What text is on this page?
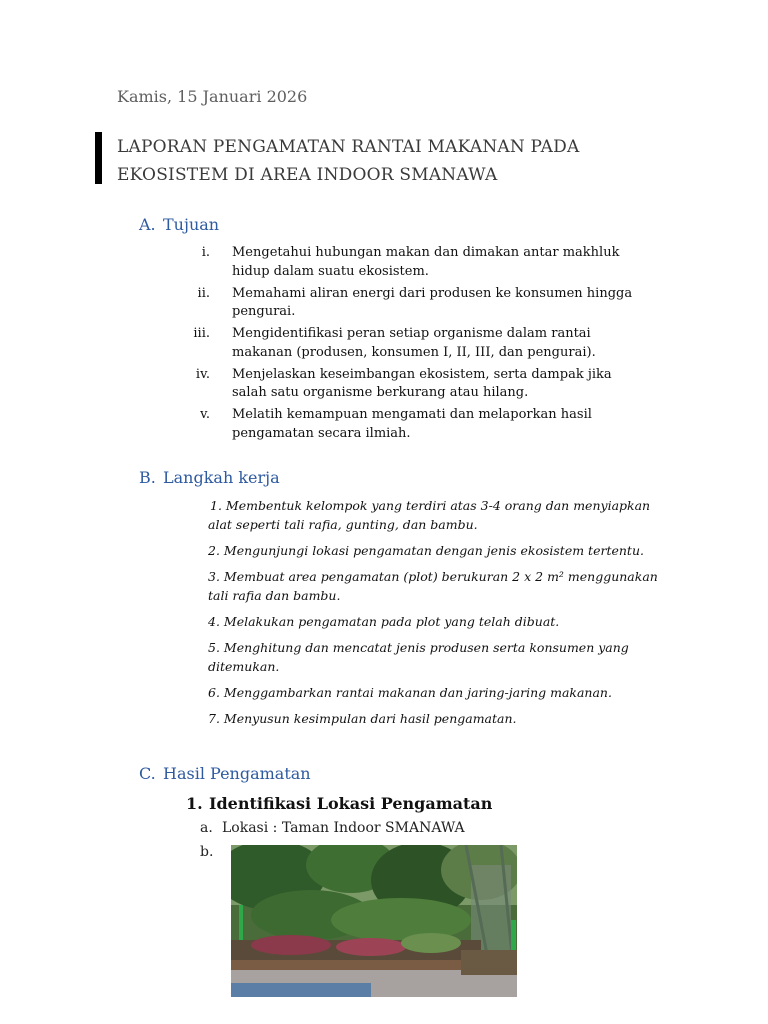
Kamis, 15 Januari 2026
LAPORAN PENGAMATAN RANTAI MAKANAN PADA
EKOSISTEM DI AREA INDOOR SMANAWA
A. Tujuan
i.	Mengetahui hubungan makan dan dimakan antar makhluk hidup dalam suatu ekosistem.
ii.	Memahami aliran energi dari produsen ke konsumen hingga pengurai.
iii.	Mengidentifikasi peran setiap organisme dalam rantai makanan (produsen, konsumen I, II, III, dan pengurai).
iv.	Menjelaskan keseimbangan ekosistem, serta dampak jika salah satu organisme berkurang atau hilang.
v.	Melatih kemampuan mengamati dan melaporkan hasil pengamatan secara ilmiah.
B. Langkah kerja
1. Membentuk kelompok yang terdiri atas 3-4 orang dan menyiapkan alat seperti tali rafia, gunting, dan bambu.
2. Mengunjungi lokasi pengamatan dengan jenis ekosistem tertentu.
3. Membuat area pengamatan (plot) berukuran 2 x 2 m² menggunakan tali rafia dan bambu.
4. Melakukan pengamatan pada plot yang telah dibuat.
5. Menghitung dan mencatat jenis produsen serta konsumen yang ditemukan.
6. Menggambarkan rantai makanan dan jaring-jaring makanan.
7. Menyusun kesimpulan dari hasil pengamatan.
C. Hasil Pengamatan
1. Identifikasi Lokasi Pengamatan
a. Lokasi : Taman Indoor SMANAWA
b.
